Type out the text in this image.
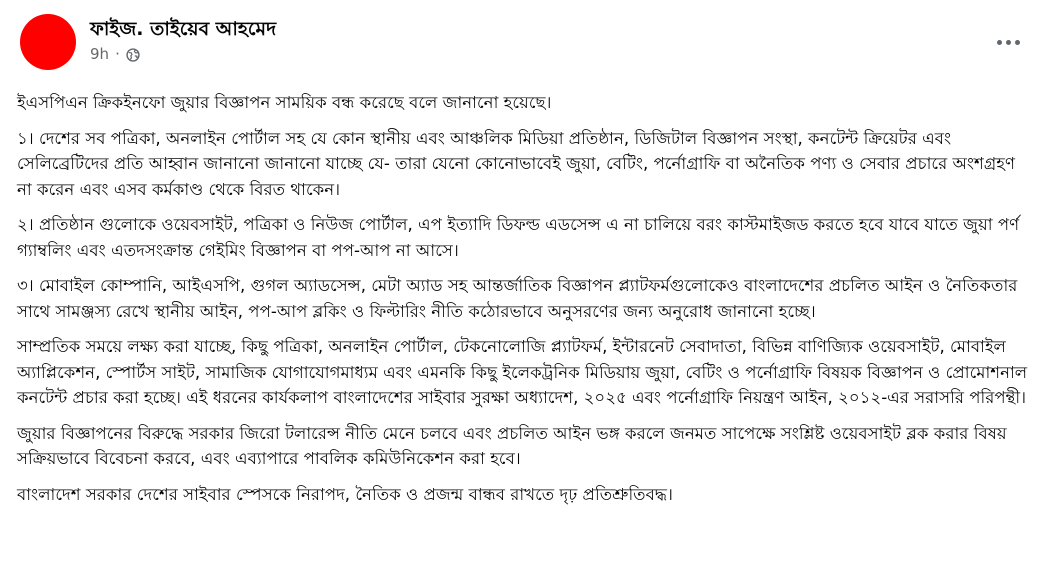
ফাইজ. তাইয়েব আহমেদ
9h ·

ইএসপিএন ক্রিকইনফো জুয়ার বিজ্ঞাপন সাময়িক বন্ধ করেছে বলে জানানো হয়েছে।

১। দেশের সব পত্রিকা, অনলাইন পোর্টাল সহ যে কোন স্থানীয় এবং আঞ্চলিক মিডিয়া প্রতিষ্ঠান, ডিজিটাল বিজ্ঞাপন সংস্থা, কনটেন্ট ক্রিয়েটর এবং সেলিব্রেটিদের প্রতি আহ্বান জানানো জানানো যাচ্ছে যে- তারা যেনো কোনোভাবেই জুয়া, বেটিং, পর্নোগ্রাফি বা অনৈতিক পণ্য ও সেবার প্রচারে অংশগ্রহণ না করেন এবং এসব কর্মকাণ্ড থেকে বিরত থাকেন।

২। প্রতিষ্ঠান গুলোকে ওয়েবসাইট, পত্রিকা ও নিউজ পোর্টাল, এপ ইত্যাদি ডিফল্ড এডসেন্স এ না চালিয়ে বরং কাস্টমাইজড করতে হবে যাবে যাতে জুয়া পর্ণ গ্যাম্বলিং এবং এতদসংক্রান্ত গেইমিং বিজ্ঞাপন বা পপ-আপ না আসে।

৩। মোবাইল কোম্পানি, আইএসপি, গুগল অ্যাডসেন্স, মেটা অ্যাড সহ আন্তর্জাতিক বিজ্ঞাপন প্ল্যাটফর্মগুলোকেও বাংলাদেশের প্রচলিত আইন ও নৈতিকতার সাথে সামঞ্জস্য রেখে স্থানীয় আইন, পপ-আপ ব্লকিং ও ফিল্টারিং নীতি কঠোরভাবে অনুসরণের জন্য অনুরোধ জানানো হচ্ছে।

সাম্প্রতিক সময়ে লক্ষ্য করা যাচ্ছে, কিছু পত্রিকা, অনলাইন পোর্টাল, টেকনোলোজি প্ল্যাটফর্ম, ইন্টারনেট সেবাদাতা, বিভিন্ন বাণিজ্যিক ওয়েবসাইট, মোবাইল অ্যাপ্লিকেশন, স্পোর্টস সাইট, সামাজিক যোগাযোগমাধ্যম এবং এমনকি কিছু ইলেকট্রনিক মিডিয়ায় জুয়া, বেটিং ও পর্নোগ্রাফি বিষয়ক বিজ্ঞাপন ও প্রোমোশনাল কনটেন্ট প্রচার করা হচ্ছে। এই ধরনের কার্যকলাপ বাংলাদেশের সাইবার সুরক্ষা অধ্যাদেশ, ২০২৫ এবং পর্নোগ্রাফি নিয়ন্ত্রণ আইন, ২০১২-এর সরাসরি পরিপন্থী।

জুয়ার বিজ্ঞাপনের বিরুদ্ধে সরকার জিরো টলারেন্স নীতি মেনে চলবে এবং প্রচলিত আইন ভঙ্গ করলে জনমত সাপেক্ষে সংশ্লিষ্ট ওয়েবসাইট ব্লক করার বিষয় সক্রিয়ভাবে বিবেচনা করবে, এবং এব্যাপারে পাবলিক কমিউনিকেশন করা হবে।

বাংলাদেশ সরকার দেশের সাইবার স্পেসকে নিরাপদ, নৈতিক ও প্রজন্ম বান্ধব রাখতে দৃঢ় প্রতিশ্রুতিবদ্ধ।
